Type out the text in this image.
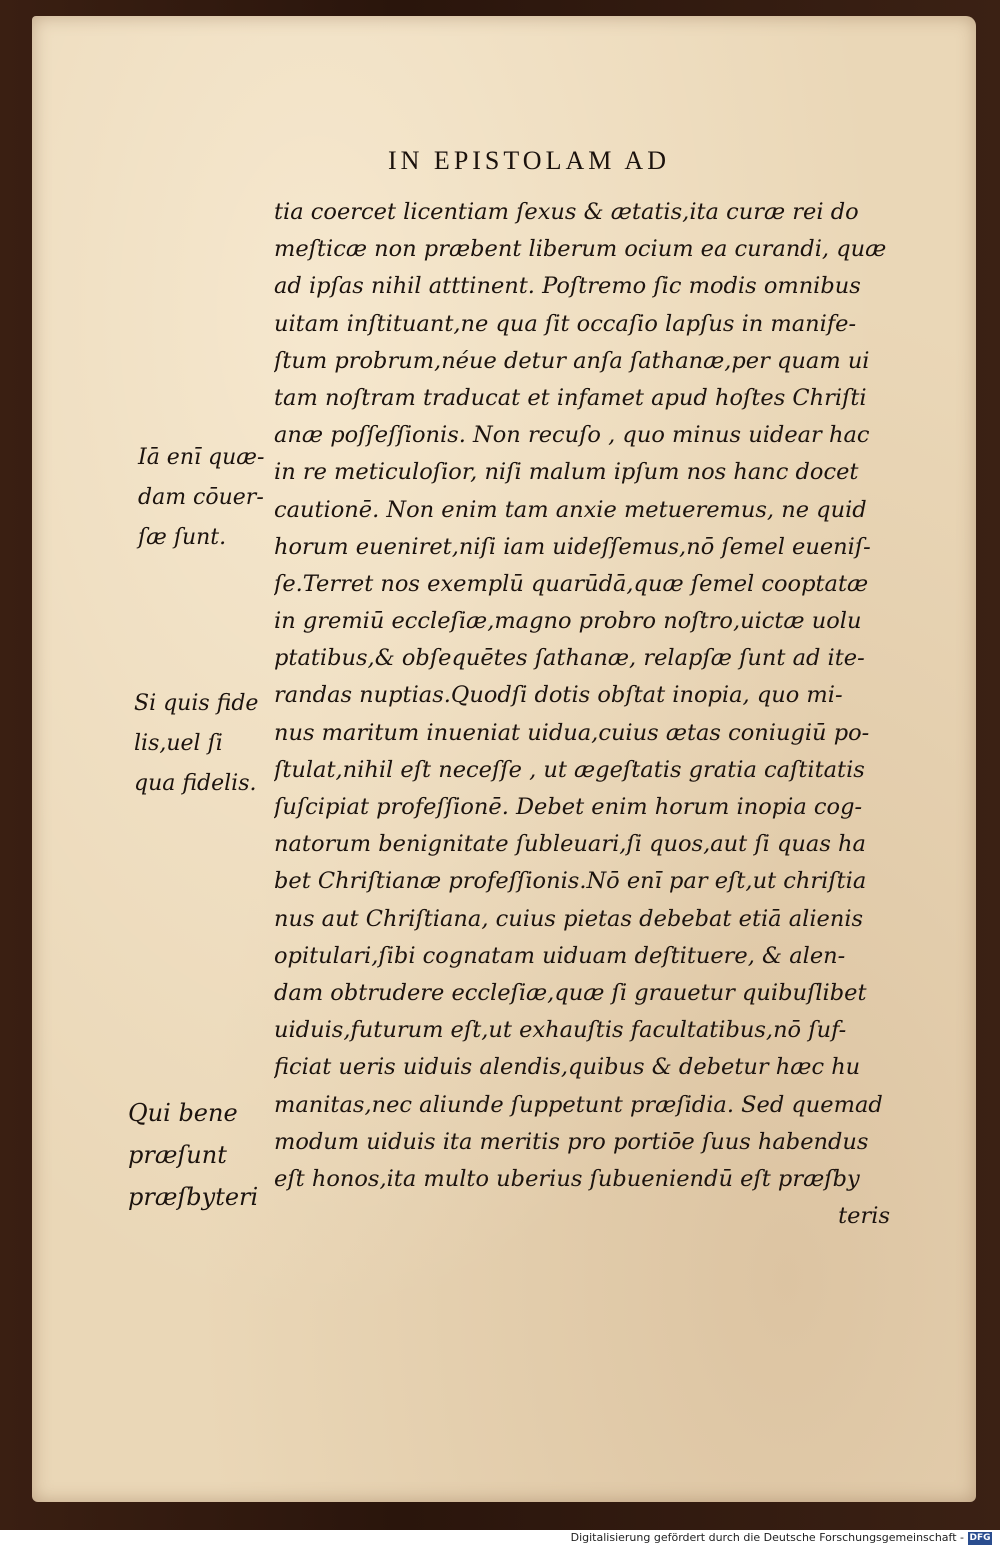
IN EPISTOLAM AD
tia coercet licentiam ſexus & ætatis,ita curæ rei do
meſticæ non præbent liberum ocium ea curandi, quæ
ad ipſas nihil atttinent. Poſtremo ſic modis omnibus
uitam inſtituant,ne qua ſit occaſio lapſus in manife-
ſtum probrum,néue detur anſa ſathanæ,per quam ui
tam noſtram traducat et infamet apud hoſtes Chriſti
anæ poſſeſſionis. Non recuſo , quo minus uidear hac
in re meticuloſior, niſi malum ipſum nos hanc docet
cautionē. Non enim tam anxie metueremus, ne quid
horum eueniret,niſi iam uideſſemus,nō ſemel eueniſ-
ſe.Terret nos exemplū quarūdā,quæ ſemel cooptatæ
in gremiū eccleſiæ,magno probro noſtro,uictæ uolu
ptatibus,& obſequētes ſathanæ, relapſæ ſunt ad ite-
randas nuptias.Quodſi dotis obſtat inopia, quo mi-
nus maritum inueniat uidua,cuius ætas coniugiū po-
ſtulat,nihil eſt neceſſe , ut ægeſtatis gratia caſtitatis
ſuſcipiat profeſſionē. Debet enim horum inopia cog-
natorum benignitate ſubleuari,ſi quos,aut ſi quas ha
bet Chriſtianæ profeſſionis.Nō enī par eſt,ut chriſtia
nus aut Chriſtiana, cuius pietas debebat etiā alienis
opitulari,ſibi cognatam uiduam deſtituere, & alen-
dam obtrudere eccleſiæ,quæ ſi grauetur quibuſlibet
uiduis,futurum eſt,ut exhauſtis facultatibus,nō ſuf-
ficiat ueris uiduis alendis,quibus & debetur hæc hu
manitas,nec aliunde ſuppetunt præſidia. Sed quemad
modum uiduis ita meritis pro portiōe ſuus habendus
eſt honos,ita multo uberius ſubueniendū eſt præſby
teris
Iā enī quæ-
dam cōuer-
ſæ ſunt.
Si quis fide
lis,uel ſi
qua fidelis.
Qui bene
præſunt
præſbyteri
Digitalisierung gefördert durch die Deutsche Forschungsgemeinschaft - DFG
